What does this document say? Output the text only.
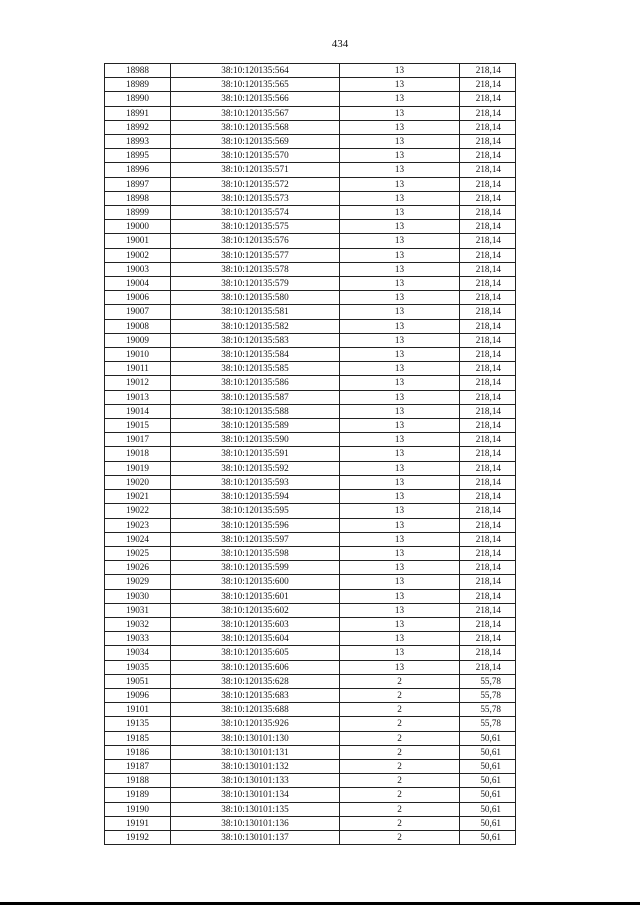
434
18988	38:10:120135:564	13	218,14
18989	38:10:120135:565	13	218,14
18990	38:10:120135:566	13	218,14
18991	38:10:120135:567	13	218,14
18992	38:10:120135:568	13	218,14
18993	38:10:120135:569	13	218,14
18995	38:10:120135:570	13	218,14
18996	38:10:120135:571	13	218,14
18997	38:10:120135:572	13	218,14
18998	38:10:120135:573	13	218,14
18999	38:10:120135:574	13	218,14
19000	38:10:120135:575	13	218,14
19001	38:10:120135:576	13	218,14
19002	38:10:120135:577	13	218,14
19003	38:10:120135:578	13	218,14
19004	38:10:120135:579	13	218,14
19006	38:10:120135:580	13	218,14
19007	38:10:120135:581	13	218,14
19008	38:10:120135:582	13	218,14
19009	38:10:120135:583	13	218,14
19010	38:10:120135:584	13	218,14
19011	38:10:120135:585	13	218,14
19012	38:10:120135:586	13	218,14
19013	38:10:120135:587	13	218,14
19014	38:10:120135:588	13	218,14
19015	38:10:120135:589	13	218,14
19017	38:10:120135:590	13	218,14
19018	38:10:120135:591	13	218,14
19019	38:10:120135:592	13	218,14
19020	38:10:120135:593	13	218,14
19021	38:10:120135:594	13	218,14
19022	38:10:120135:595	13	218,14
19023	38:10:120135:596	13	218,14
19024	38:10:120135:597	13	218,14
19025	38:10:120135:598	13	218,14
19026	38:10:120135:599	13	218,14
19029	38:10:120135:600	13	218,14
19030	38:10:120135:601	13	218,14
19031	38:10:120135:602	13	218,14
19032	38:10:120135:603	13	218,14
19033	38:10:120135:604	13	218,14
19034	38:10:120135:605	13	218,14
19035	38:10:120135:606	13	218,14
19051	38:10:120135:628	2	55,78
19096	38:10:120135:683	2	55,78
19101	38:10:120135:688	2	55,78
19135	38:10:120135:926	2	55,78
19185	38:10:130101:130	2	50,61
19186	38:10:130101:131	2	50,61
19187	38:10:130101:132	2	50,61
19188	38:10:130101:133	2	50,61
19189	38:10:130101:134	2	50,61
19190	38:10:130101:135	2	50,61
19191	38:10:130101:136	2	50,61
19192	38:10:130101:137	2	50,61
